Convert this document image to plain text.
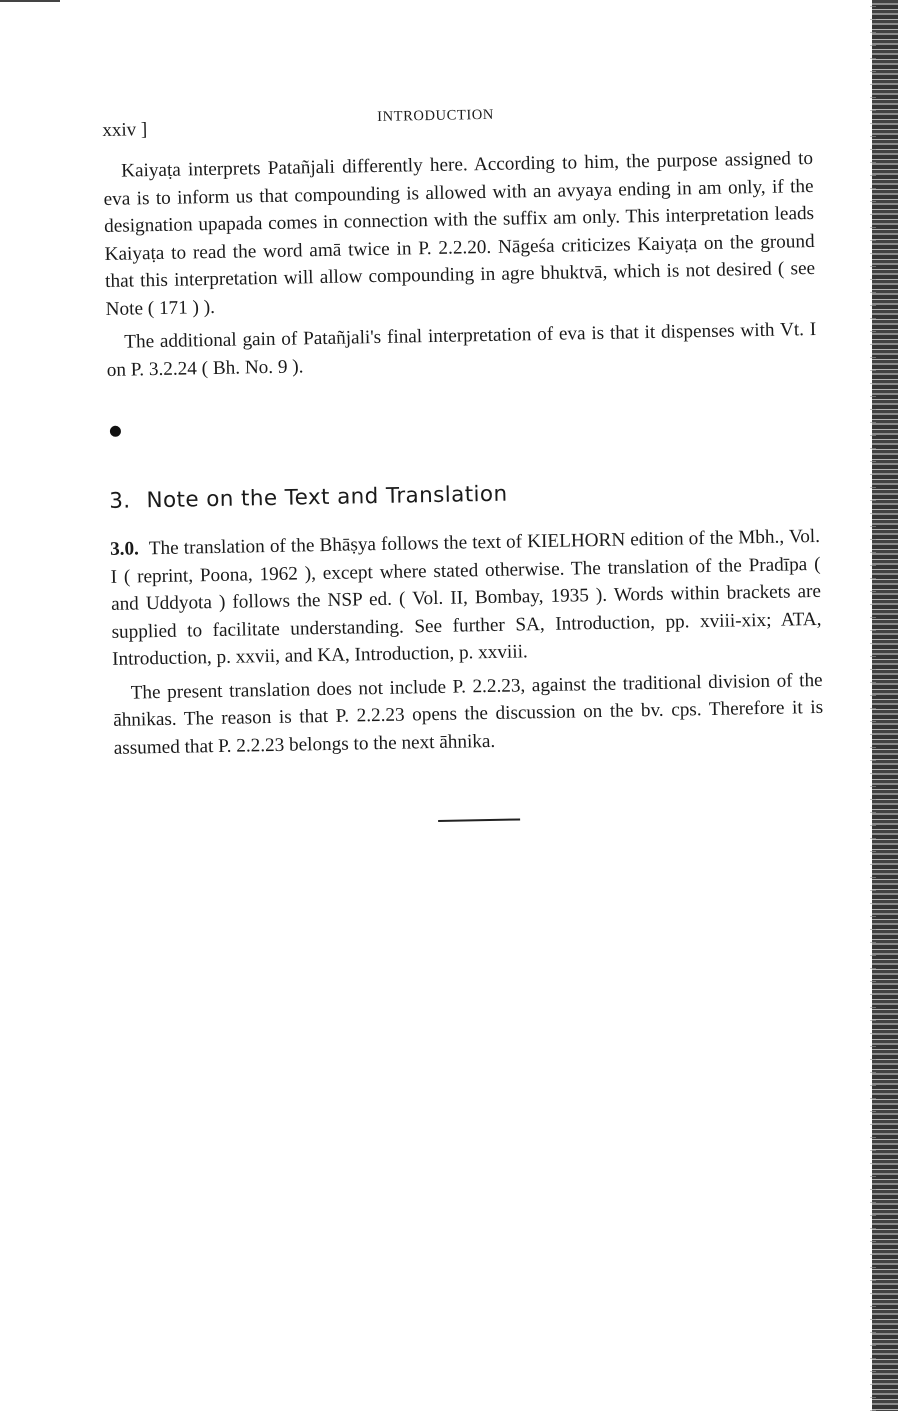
xxiv ]
INTRODUCTION

Kaiyaṭa interprets Patañjali differently here. According to him, the purpose assigned to eva is to inform us that compounding is allowed with an avyaya ending in am only, if the designation upapada comes in connection with the suffix am only. This interpretation leads Kaiyaṭa to read the word amā twice in P. 2.2.20. Nāgeśa criticizes Kaiyaṭa on the ground that this interpretation will allow compounding in agre bhuktvā, which is not desired ( see Note ( 171 ) ).

The additional gain of Patañjali's final interpretation of eva is that it dispenses with Vt. I on P. 3.2.24 ( Bh. No. 9 ).

3. Note on the Text and Translation

3.0. The translation of the Bhāṣya follows the text of KIELHORN edition of the Mbh., Vol. I ( reprint, Poona, 1962 ), except where stated otherwise. The translation of the Pradīpa ( and Uddyota ) follows the NSP ed. ( Vol. II, Bombay, 1935 ). Words within brackets are supplied to facilitate understanding. See further SA, Introduction, pp. xviii-xix; ATA, Introduction, p. xxvii, and KA, Introduction, p. xxviii.

The present translation does not include P. 2.2.23, against the traditional division of the āhnikas. The reason is that P. 2.2.23 opens the discussion on the bv. cps. Therefore it is assumed that P. 2.2.23 belongs to the next āhnika.
